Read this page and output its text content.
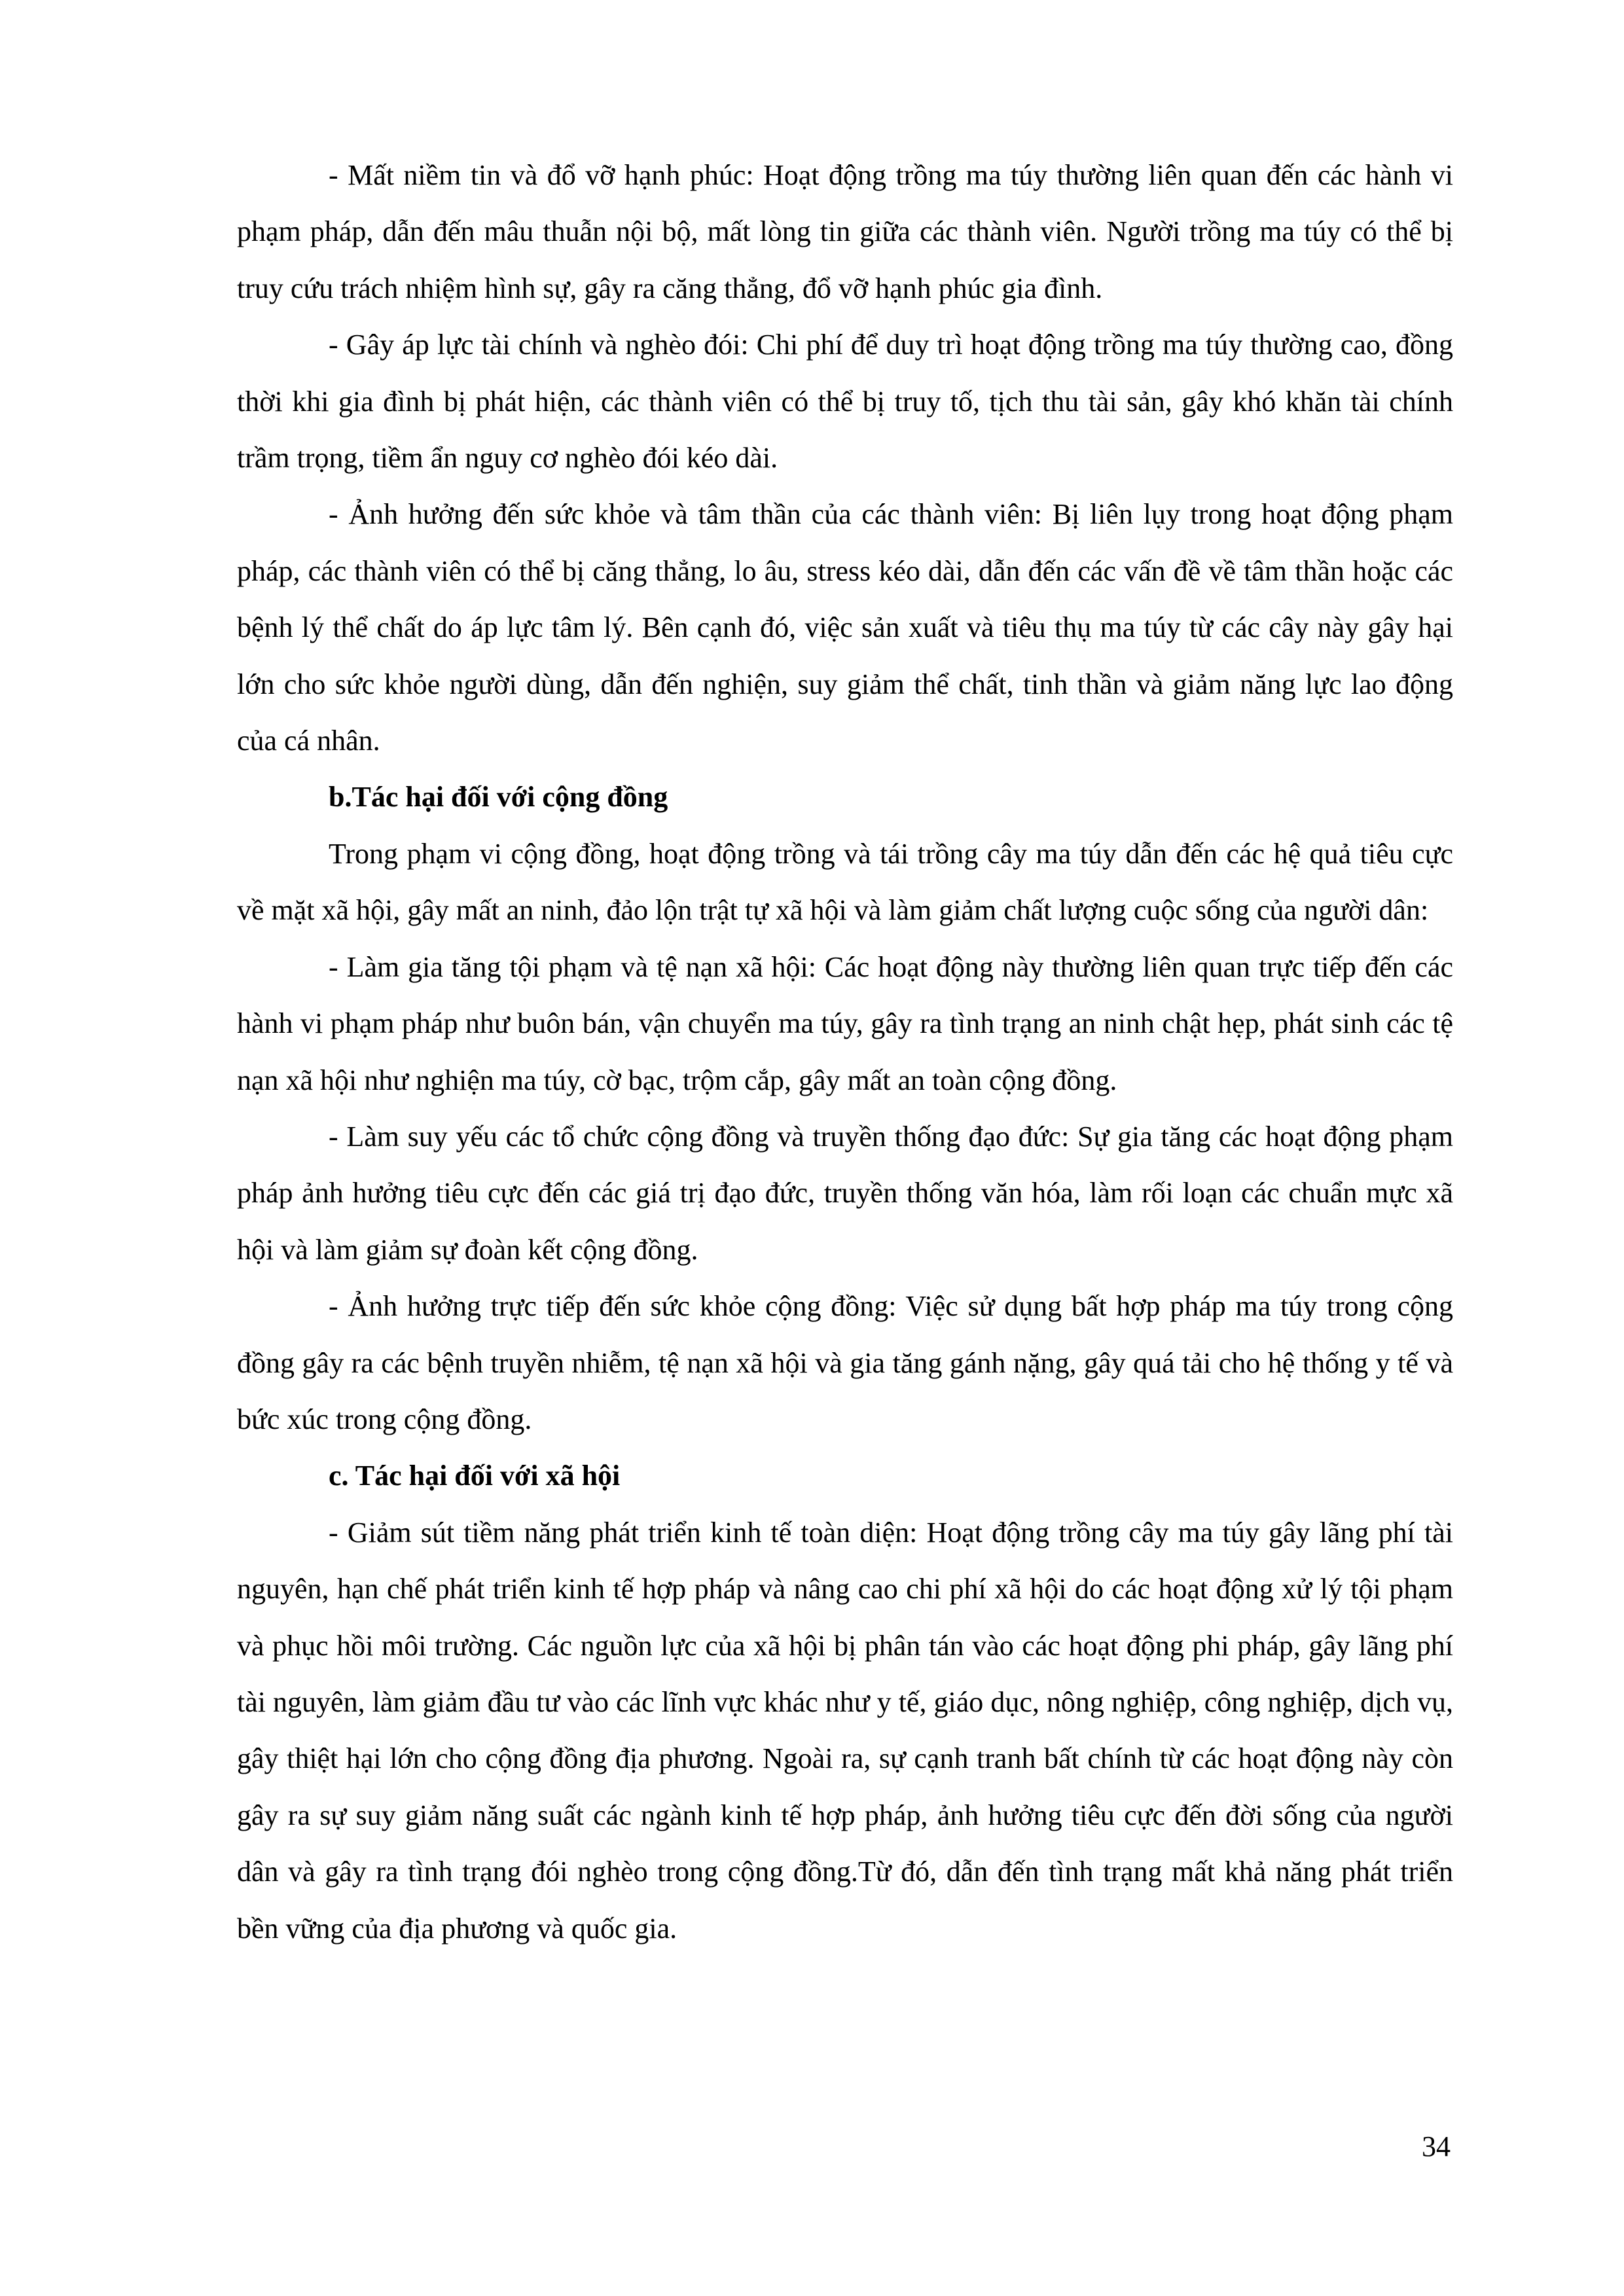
- Mất niềm tin và đổ vỡ hạnh phúc: Hoạt động trồng ma túy thường liên quan đến các hành vi phạm pháp, dẫn đến mâu thuẫn nội bộ, mất lòng tin giữa các thành viên. Người trồng ma túy có thể bị truy cứu trách nhiệm hình sự, gây ra căng thẳng, đổ vỡ hạnh phúc gia đình.

- Gây áp lực tài chính và nghèo đói: Chi phí để duy trì hoạt động trồng ma túy thường cao, đồng thời khi gia đình bị phát hiện, các thành viên có thể bị truy tố, tịch thu tài sản, gây khó khăn tài chính trầm trọng, tiềm ẩn nguy cơ nghèo đói kéo dài.

- Ảnh hưởng đến sức khỏe và tâm thần của các thành viên: Bị liên lụy trong hoạt động phạm pháp, các thành viên có thể bị căng thẳng, lo âu, stress kéo dài, dẫn đến các vấn đề về tâm thần hoặc các bệnh lý thể chất do áp lực tâm lý. Bên cạnh đó, việc sản xuất và tiêu thụ ma túy từ các cây này gây hại lớn cho sức khỏe người dùng, dẫn đến nghiện, suy giảm thể chất, tinh thần và giảm năng lực lao động của cá nhân.

b.Tác hại đối với cộng đồng

Trong phạm vi cộng đồng, hoạt động trồng và tái trồng cây ma túy dẫn đến các hệ quả tiêu cực về mặt xã hội, gây mất an ninh, đảo lộn trật tự xã hội và làm giảm chất lượng cuộc sống của người dân:

- Làm gia tăng tội phạm và tệ nạn xã hội: Các hoạt động này thường liên quan trực tiếp đến các hành vi phạm pháp như buôn bán, vận chuyển ma túy, gây ra tình trạng an ninh chật hẹp, phát sinh các tệ nạn xã hội như nghiện ma túy, cờ bạc, trộm cắp, gây mất an toàn cộng đồng.

- Làm suy yếu các tổ chức cộng đồng và truyền thống đạo đức: Sự gia tăng các hoạt động phạm pháp ảnh hưởng tiêu cực đến các giá trị đạo đức, truyền thống văn hóa, làm rối loạn các chuẩn mực xã hội và làm giảm sự đoàn kết cộng đồng.

- Ảnh hưởng trực tiếp đến sức khỏe cộng đồng: Việc sử dụng bất hợp pháp ma túy trong cộng đồng gây ra các bệnh truyền nhiễm, tệ nạn xã hội và gia tăng gánh nặng, gây quá tải cho hệ thống y tế và bức xúc trong cộng đồng.

c. Tác hại đối với xã hội

- Giảm sút tiềm năng phát triển kinh tế toàn diện: Hoạt động trồng cây ma túy gây lãng phí tài nguyên, hạn chế phát triển kinh tế hợp pháp và nâng cao chi phí xã hội do các hoạt động xử lý tội phạm và phục hồi môi trường. Các nguồn lực của xã hội bị phân tán vào các hoạt động phi pháp, gây lãng phí tài nguyên, làm giảm đầu tư vào các lĩnh vực khác như y tế, giáo dục, nông nghiệp, công nghiệp, dịch vụ, gây thiệt hại lớn cho cộng đồng địa phương. Ngoài ra, sự cạnh tranh bất chính từ các hoạt động này còn gây ra sự suy giảm năng suất các ngành kinh tế hợp pháp, ảnh hưởng tiêu cực đến đời sống của người dân và gây ra tình trạng đói nghèo trong cộng đồng.Từ đó, dẫn đến tình trạng mất khả năng phát triển bền vững của địa phương và quốc gia.

34
